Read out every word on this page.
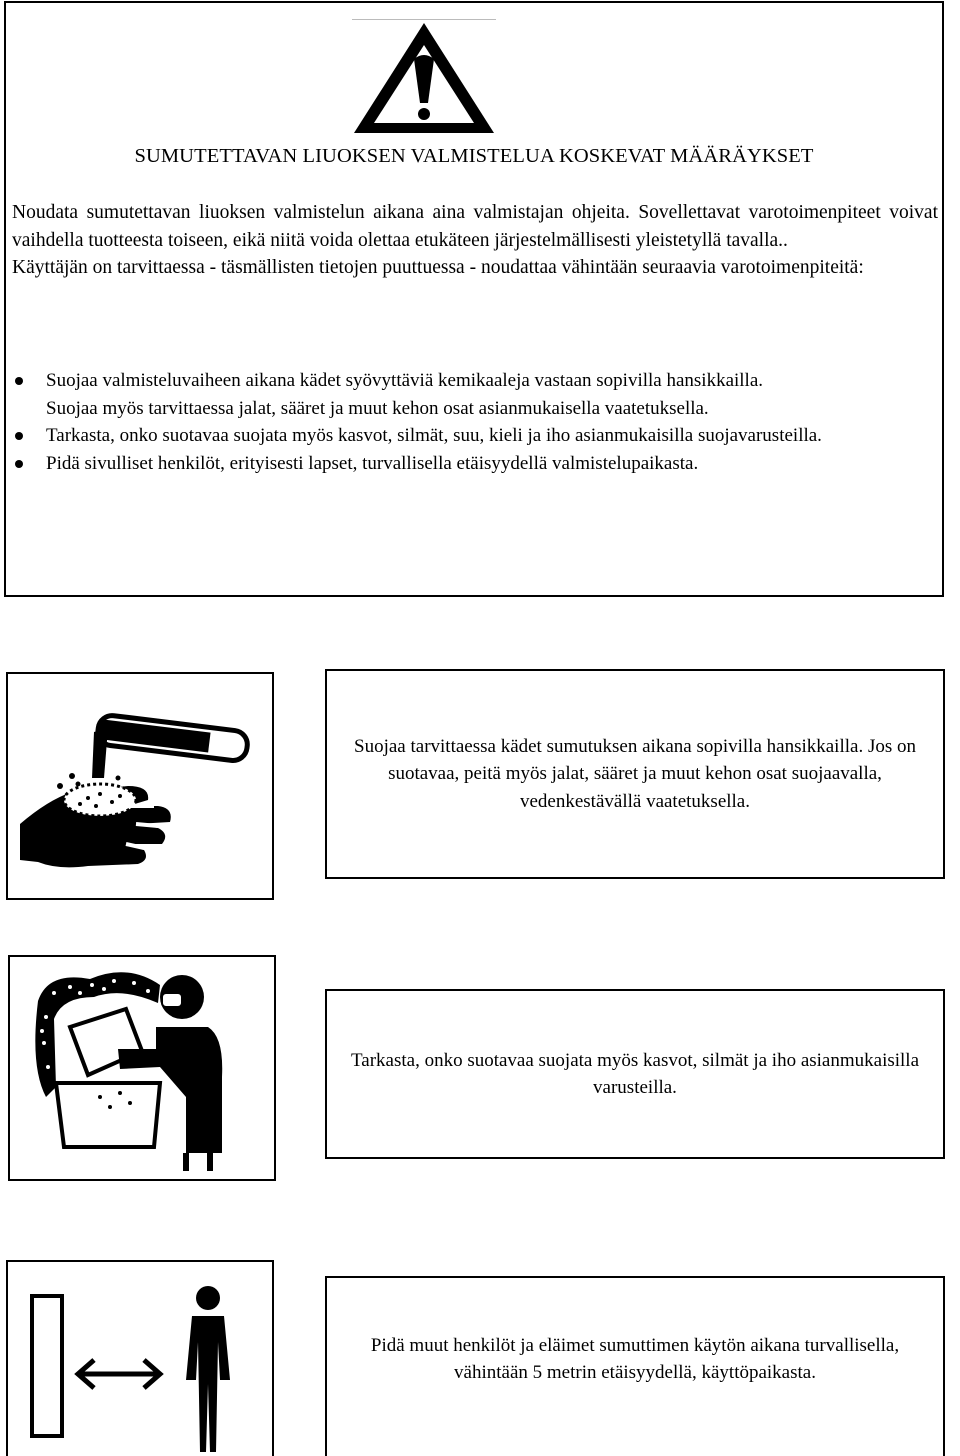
SUMUTETTAVAN LIUOKSEN VALMISTELUA KOSKEVAT MÄÄRÄYKSET

Noudata sumutettavan liuoksen valmistelun aikana aina valmistajan ohjeita. Sovellettavat varotoimenpiteet voivat vaihdella tuotteesta toiseen, eikä niitä voida olettaa etukäteen järjestelmällisesti yleistetyllä tavalla..

Käyttäjän on tarvittaessa - täsmällisten tietojen puuttuessa - noudattaa vähintään seuraavia varotoimenpiteitä:

Suojaa valmisteluvaiheen aikana kädet syövyttäviä kemikaaleja vastaan sopivilla hansikkailla.
Suojaa myös tarvittaessa jalat, sääret ja muut kehon osat asianmukaisella vaatetuksella.
Tarkasta, onko suotavaa suojata myös kasvot, silmät, suu, kieli ja iho asianmukaisilla suojavarusteilla.
Pidä sivulliset henkilöt, erityisesti lapset, turvallisella etäisyydellä valmistelupaikasta.
Suojaa tarvittaessa kädet sumutuksen aikana sopivilla hansikkailla. Jos on suotavaa, peitä myös jalat, sääret ja muut kehon osat suojaavalla, vedenkestävällä vaatetuksella.
Tarkasta, onko suotavaa suojata myös kasvot, silmät ja iho asianmukaisilla varusteilla.
Pidä muut henkilöt ja eläimet sumuttimen käytön aikana turvallisella, vähintään 5 metrin etäisyydellä, käyttöpaikasta.
